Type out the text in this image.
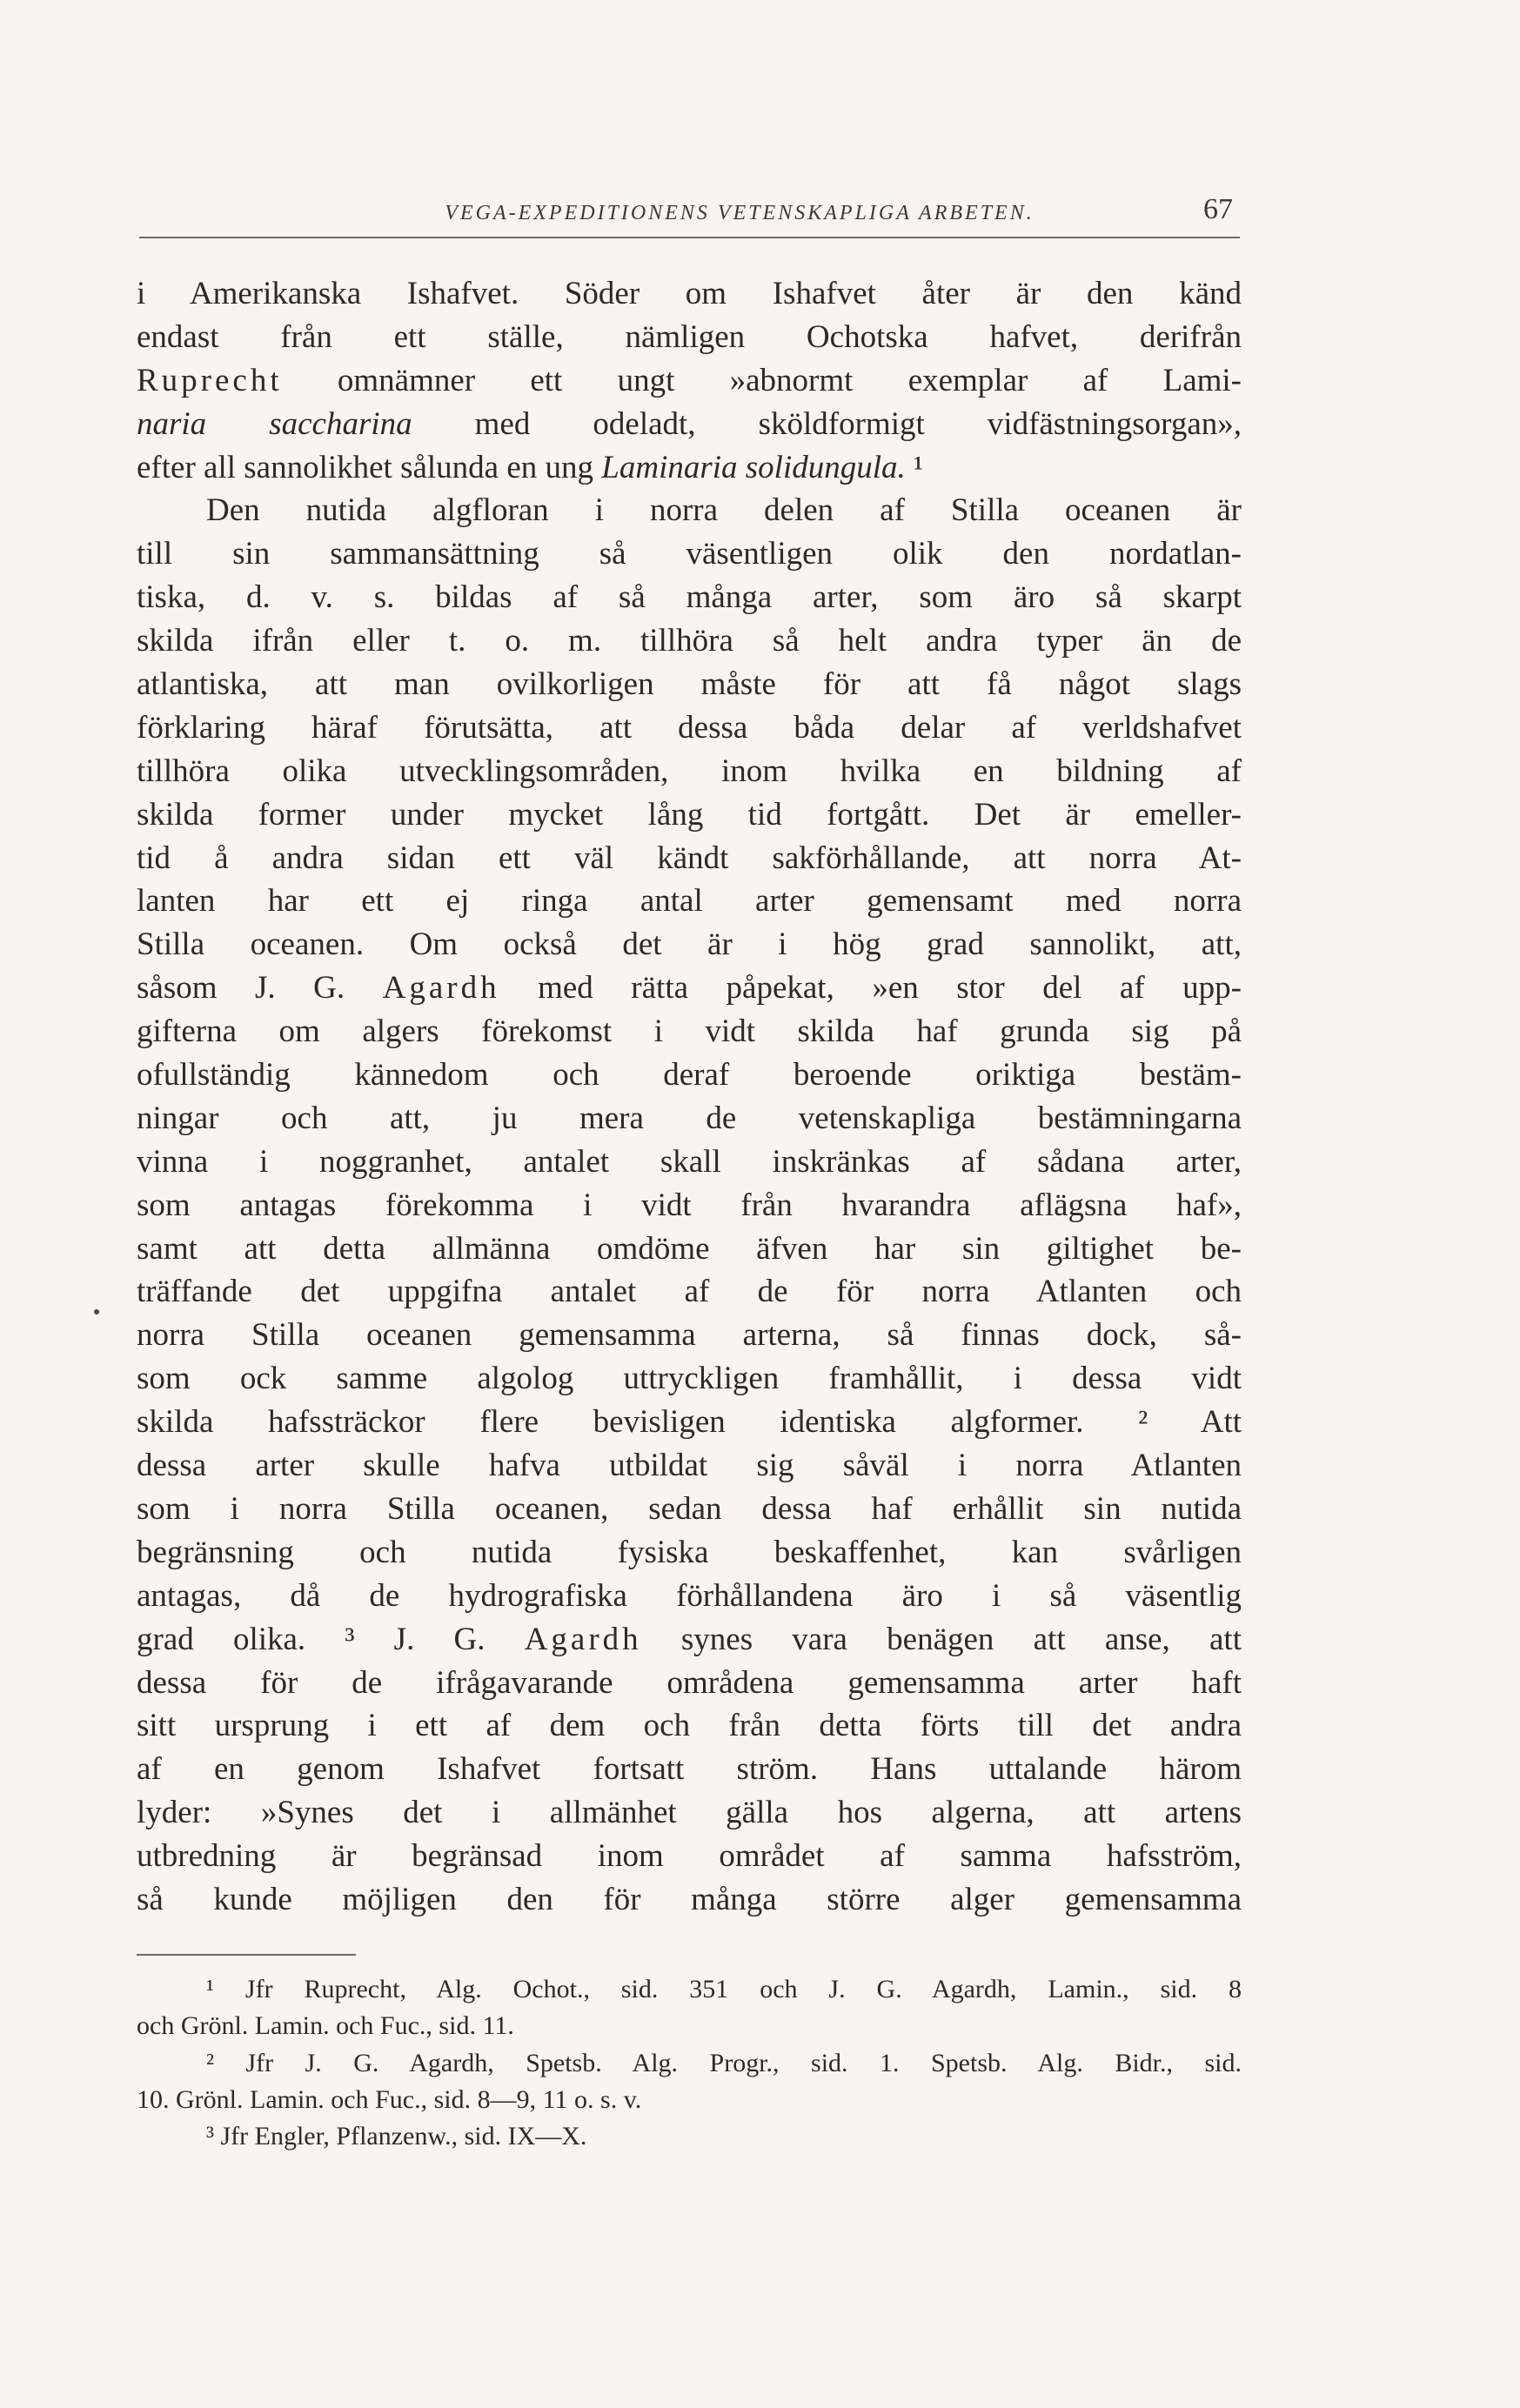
VEGA-EXPEDITIONENS VETENSKAPLIGA ARBETEN.	67
i Amerikanska Ishafvet. Söder om Ishafvet åter är den känd
endast från ett ställe, nämligen Ochotska hafvet, derifrån
Ruprecht omnämner ett ungt »abnormt exemplar af Lami-
naria saccharina med odeladt, sköldformigt vidfästningsorgan»,
efter all sannolikhet sålunda en ung Laminaria solidungula. ¹
Den nutida algfloran i norra delen af Stilla oceanen är
till sin sammansättning så väsentligen olik den nordatlan-
tiska, d. v. s. bildas af så många arter, som äro så skarpt
skilda ifrån eller t. o. m. tillhöra så helt andra typer än de
atlantiska, att man ovilkorligen måste för att få något slags
förklaring häraf förutsätta, att dessa båda delar af verldshafvet
tillhöra olika utvecklingsområden, inom hvilka en bildning af
skilda former under mycket lång tid fortgått. Det är emeller-
tid å andra sidan ett väl kändt sakförhållande, att norra At-
lanten har ett ej ringa antal arter gemensamt med norra
Stilla oceanen. Om också det är i hög grad sannolikt, att,
såsom J. G. Agardh med rätta påpekat, »en stor del af upp-
gifterna om algers förekomst i vidt skilda haf grunda sig på
ofullständig kännedom och deraf beroende oriktiga bestäm-
ningar och att, ju mera de vetenskapliga bestämningarna
vinna i noggranhet, antalet skall inskränkas af sådana arter,
som antagas förekomma i vidt från hvarandra aflägsna haf»,
samt att detta allmänna omdöme äfven har sin giltighet be-
träffande det uppgifna antalet af de för norra Atlanten och
norra Stilla oceanen gemensamma arterna, så finnas dock, så-
som ock samme algolog uttryckligen framhållit, i dessa vidt
skilda hafssträckor flere bevisligen identiska algformer. ² Att
dessa arter skulle hafva utbildat sig såväl i norra Atlanten
som i norra Stilla oceanen, sedan dessa haf erhållit sin nutida
begränsning och nutida fysiska beskaffenhet, kan svårligen
antagas, då de hydrografiska förhållandena äro i så väsentlig
grad olika. ³ J. G. Agardh synes vara benägen att anse, att
dessa för de ifrågavarande områdena gemensamma arter haft
sitt ursprung i ett af dem och från detta förts till det andra
af en genom Ishafvet fortsatt ström. Hans uttalande härom
lyder: »Synes det i allmänhet gälla hos algerna, att artens
utbredning är begränsad inom området af samma hafsström,
så kunde möjligen den för många större alger gemensamma
¹ Jfr Ruprecht, Alg. Ochot., sid. 351 och J. G. Agardh, Lamin., sid. 8
och Grönl. Lamin. och Fuc., sid. 11.
² Jfr J. G. Agardh, Spetsb. Alg. Progr., sid. 1. Spetsb. Alg. Bidr., sid.
10. Grönl. Lamin. och Fuc., sid. 8—9, 11 o. s. v.
³ Jfr Engler, Pflanzenw., sid. IX—X.
